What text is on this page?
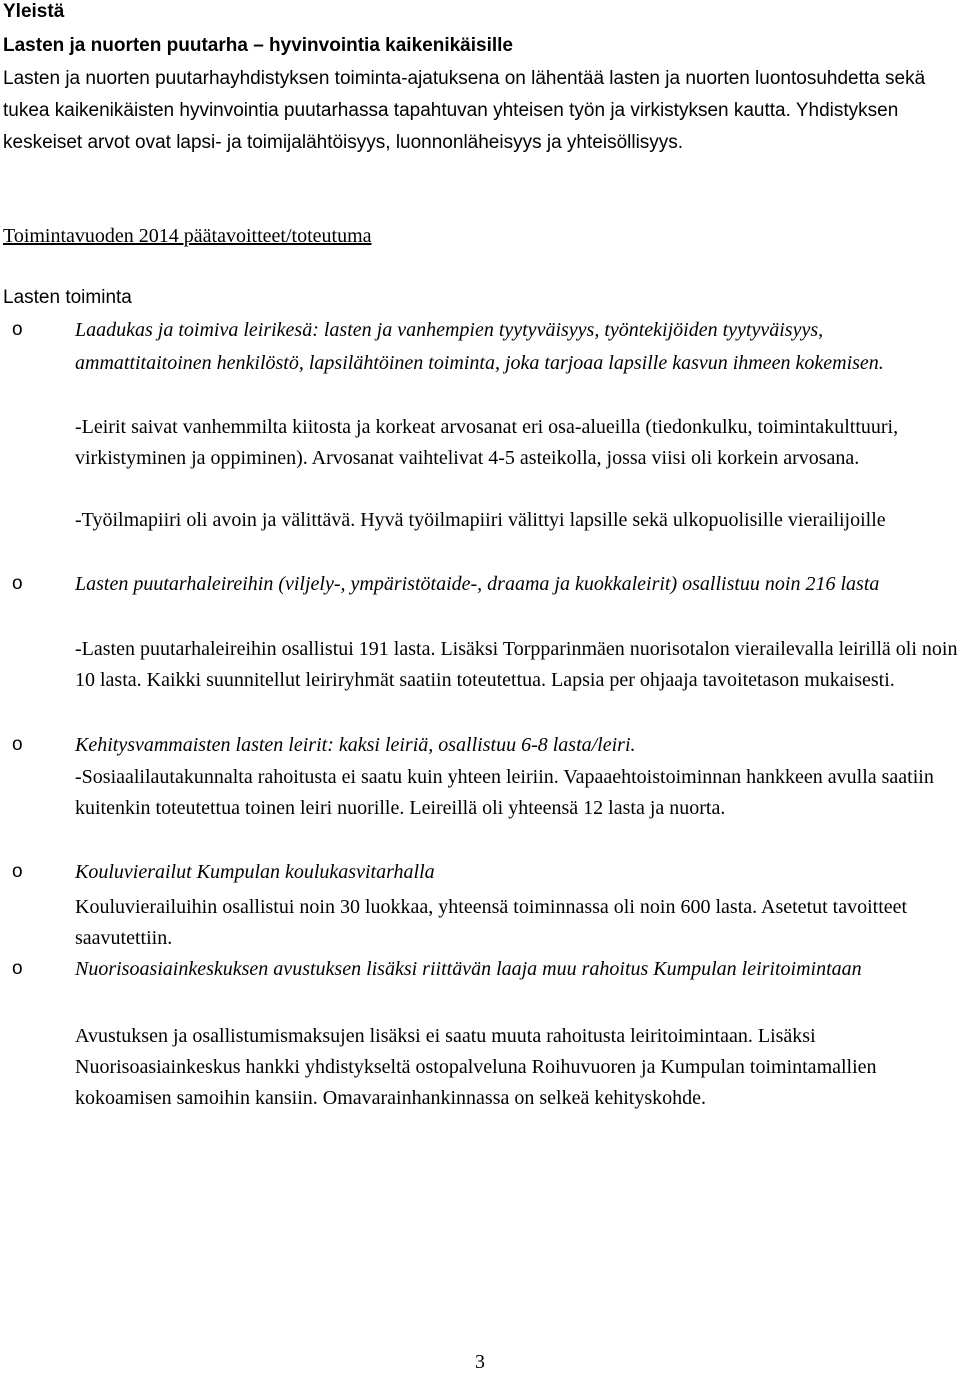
Yleistä

Lasten ja nuorten puutarha – hyvinvointia kaikenikäisille

Lasten ja nuorten puutarhayhdistyksen toiminta-ajatuksena on lähentää lasten ja nuorten luontosuhdetta sekä tukea kaikenikäisten hyvinvointia puutarhassa tapahtuvan yhteisen työn ja virkistyksen kautta. Yhdistyksen keskeiset arvot ovat lapsi- ja toimijalähtöisyys, luonnonläheisyys ja yhteisöllisyys.

Toimintavuoden 2014 päätavoitteet/toteutuma

Lasten toiminta

o	Laadukas ja toimiva leirikesä: lasten ja vanhempien tyytyväisyys, työntekijöiden tyytyväisyys, ammattitaitoinen henkilöstö, lapsilähtöinen toiminta, joka tarjoaa lapsille kasvun ihmeen kokemisen.

-Leirit saivat vanhemmilta kiitosta ja korkeat arvosanat eri osa-alueilla (tiedonkulku, toimintakulttuuri, virkistyminen ja oppiminen). Arvosanat vaihtelivat 4-5 asteikolla, jossa viisi oli korkein arvosana.

-Työilmapiiri oli avoin ja välittävä. Hyvä työilmapiiri välittyi lapsille sekä ulkopuolisille vierailijoille

o	Lasten puutarhaleireihin (viljely-, ympäristötaide-, draama ja kuokkaleirit) osallistuu noin 216 lasta

-Lasten puutarhaleireihin osallistui 191 lasta. Lisäksi Torpparinmäen nuorisotalon vierailevalla leirillä oli noin 10 lasta. Kaikki suunnitellut leiriryhmät saatiin toteutettua. Lapsia per ohjaaja tavoitetason mukaisesti.

o	Kehitysvammaisten lasten leirit: kaksi leiriä, osallistuu 6-8 lasta/leiri.

-Sosiaalilautakunnalta rahoitusta ei saatu kuin yhteen leiriin. Vapaaehtoistoiminnan hankkeen avulla saatiin kuitenkin toteutettua toinen leiri nuorille. Leireillä oli yhteensä 12 lasta ja nuorta.

o	Kouluvierailut Kumpulan koulukasvitarhalla

Kouluvierailuihin osallistui noin 30 luokkaa, yhteensä toiminnassa oli noin 600 lasta. Asetetut tavoitteet saavutettiin.

o	Nuorisoasiainkeskuksen avustuksen lisäksi riittävän laaja muu rahoitus Kumpulan leiritoimintaan

Avustuksen ja osallistumismaksujen lisäksi ei saatu muuta rahoitusta leiritoimintaan. Lisäksi Nuorisoasiainkeskus hankki yhdistykseltä ostopalveluna Roihuvuoren ja Kumpulan toimintamallien kokoamisen samoihin kansiin. Omavarainhankinnassa on selkeä kehityskohde.

3
